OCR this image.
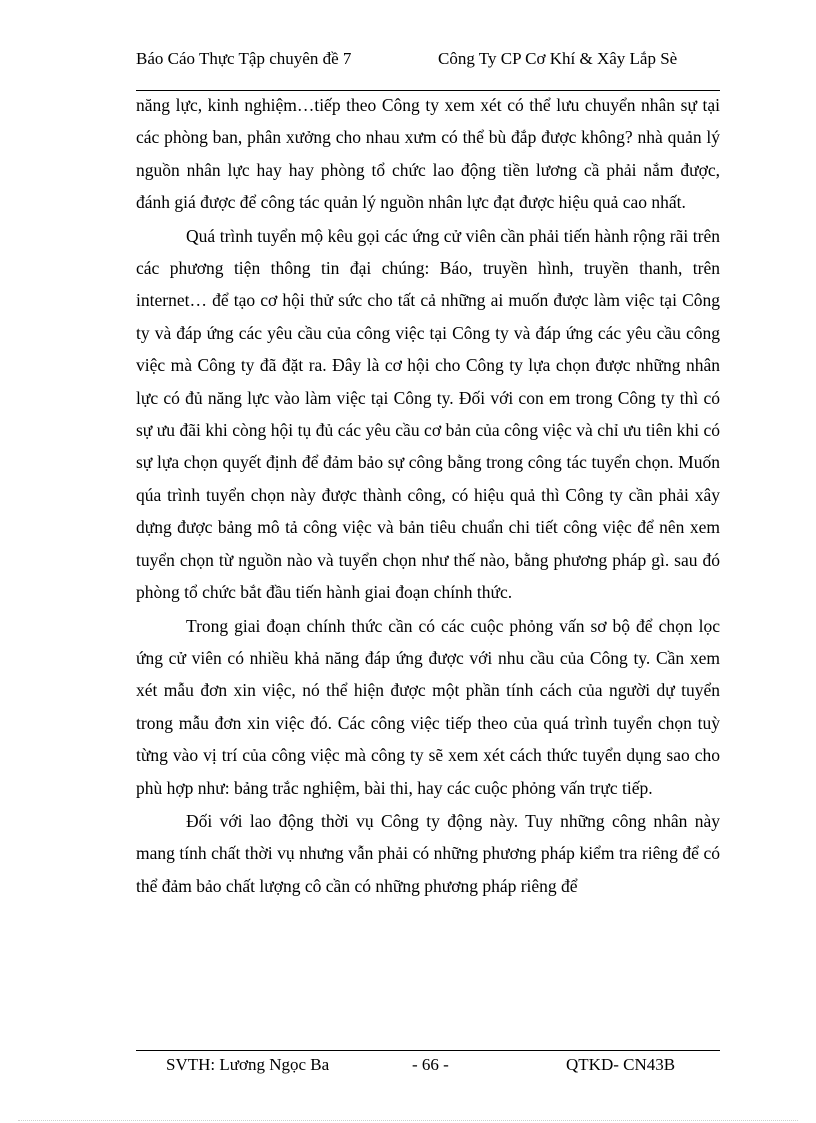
Báo Cáo Thực Tập chuyên đề 7	Công Ty CP Cơ Khí & Xây Lắp Sè

năng lực, kinh nghiệm…tiếp theo Công ty xem xét có thể lưu chuyển nhân sự tại các phòng ban, phân xưởng cho nhau xưm có thể bù đắp được không? nhà quản lý nguồn nhân lực hay hay phòng tổ chức lao động tiền lương cầ phải nắm được, đánh giá được để công tác quản lý nguồn nhân lực đạt được hiệu quả cao nhất.

Quá trình tuyển mộ kêu gọi các ứng cử viên cần phải tiến hành rộng rãi trên các phương tiện thông tin đại chúng: Báo, truyền hình, truyền thanh, trên internet… để tạo cơ hội thử sức cho tất cả những ai muốn được làm việc tại Công ty và đáp ứng các yêu cầu của công việc tại Công ty và đáp ứng các yêu cầu công việc mà Công ty đã đặt ra. Đây là cơ hội cho Công ty lựa chọn được những nhân lực có đủ năng lực vào làm việc tại Công ty. Đối với con em trong Công ty thì có sự ưu đãi khi còng hội tụ đủ các yêu cầu cơ bản của công việc và chỉ ưu tiên khi có sự lựa chọn quyết định để đảm bảo sự công bằng trong công tác tuyển chọn. Muốn qúa trình tuyển chọn này được thành công, có hiệu quả thì Công ty cần phải xây dựng được bảng mô tả công việc và bản tiêu chuẩn chi tiết công việc để nên xem tuyển chọn từ nguồn nào và tuyển chọn như thế nào, bằng phương pháp gì. sau đó phòng tổ chức bắt đầu tiến hành giai đoạn chính thức.

Trong giai đoạn chính thức cần có các cuộc phỏng vấn sơ bộ để chọn lọc ứng cử viên có nhiều khả năng đáp ứng được với nhu cầu của Công ty. Cần xem xét mẫu đơn xin việc, nó thể hiện được một phần tính cách của người dự tuyển trong mẫu đơn xin việc đó. Các công việc tiếp theo của quá trình tuyển chọn tuỳ từng vào vị trí của công việc mà công ty sẽ xem xét cách thức tuyển dụng sao cho phù hợp như: bảng trắc nghiệm, bài thi, hay các cuộc phỏng vấn trực tiếp.

Đối với lao động thời vụ Công ty động này. Tuy những công nhân này mang tính chất thời vụ nhưng vẫn phải có những phương pháp kiểm tra riêng để có thể đảm bảo chất lượng cô cần có những phương pháp riêng để

SVTH: Lương Ngọc Ba	- 66 -	QTKD- CN43B
